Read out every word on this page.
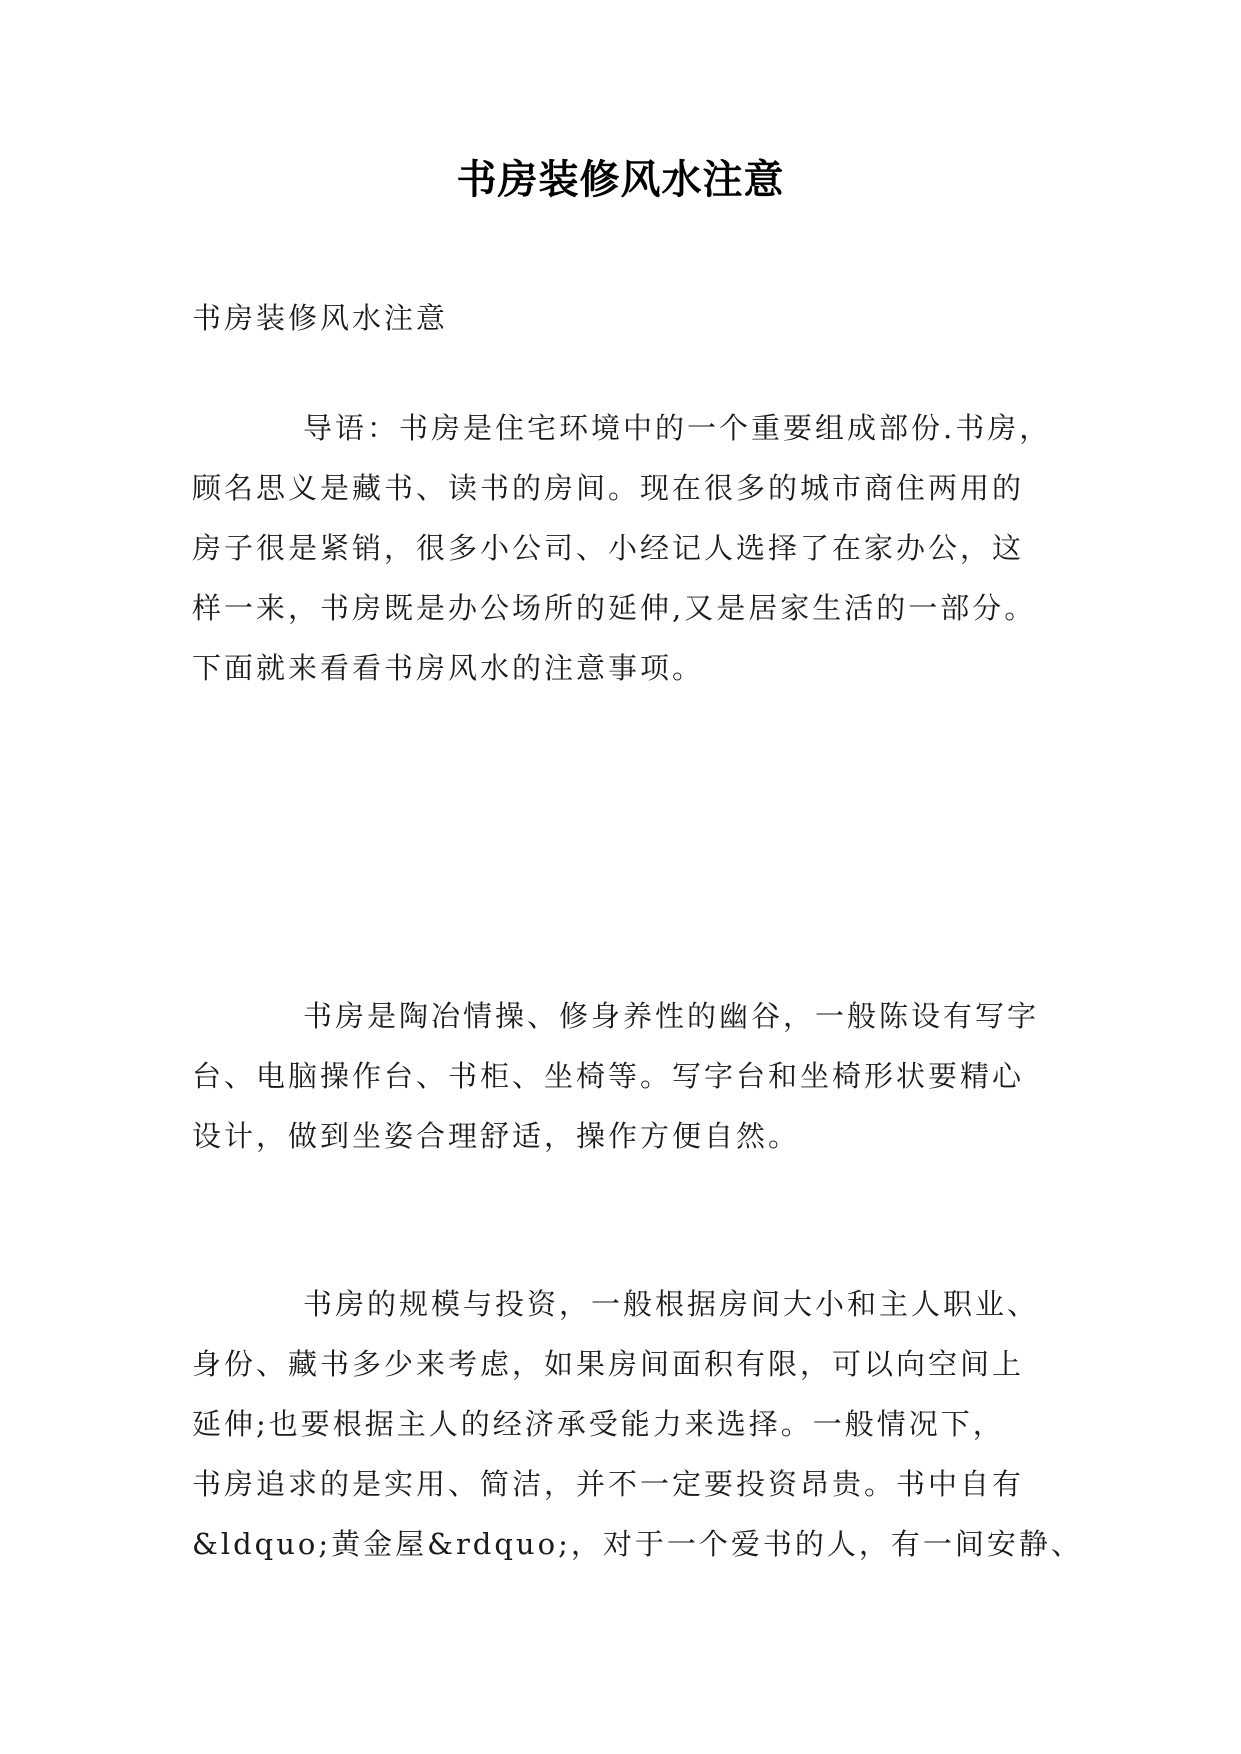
书房装修风水注意
书房装修风水注意
导语：书房是住宅环境中的一个重要组成部份.书房，
顾名思义是藏书、读书的房间。现在很多的城市商住两用的
房子很是紧销，很多小公司、小经记人选择了在家办公，这
样一来，书房既是办公场所的延伸,又是居家生活的一部分。
下面就来看看书房风水的注意事项。
书房是陶冶情操、修身养性的幽谷，一般陈设有写字
台、电脑操作台、书柜、坐椅等。写字台和坐椅形状要精心
设计，做到坐姿合理舒适，操作方便自然。
书房的规模与投资，一般根据房间大小和主人职业、
身份、藏书多少来考虑，如果房间面积有限，可以向空间上
延伸;也要根据主人的经济承受能力来选择。一般情况下，
书房追求的是实用、简洁，并不一定要投资昂贵。书中自有
&ldquo;黄金屋&rdquo;，对于一个爱书的人，有一间安静、
